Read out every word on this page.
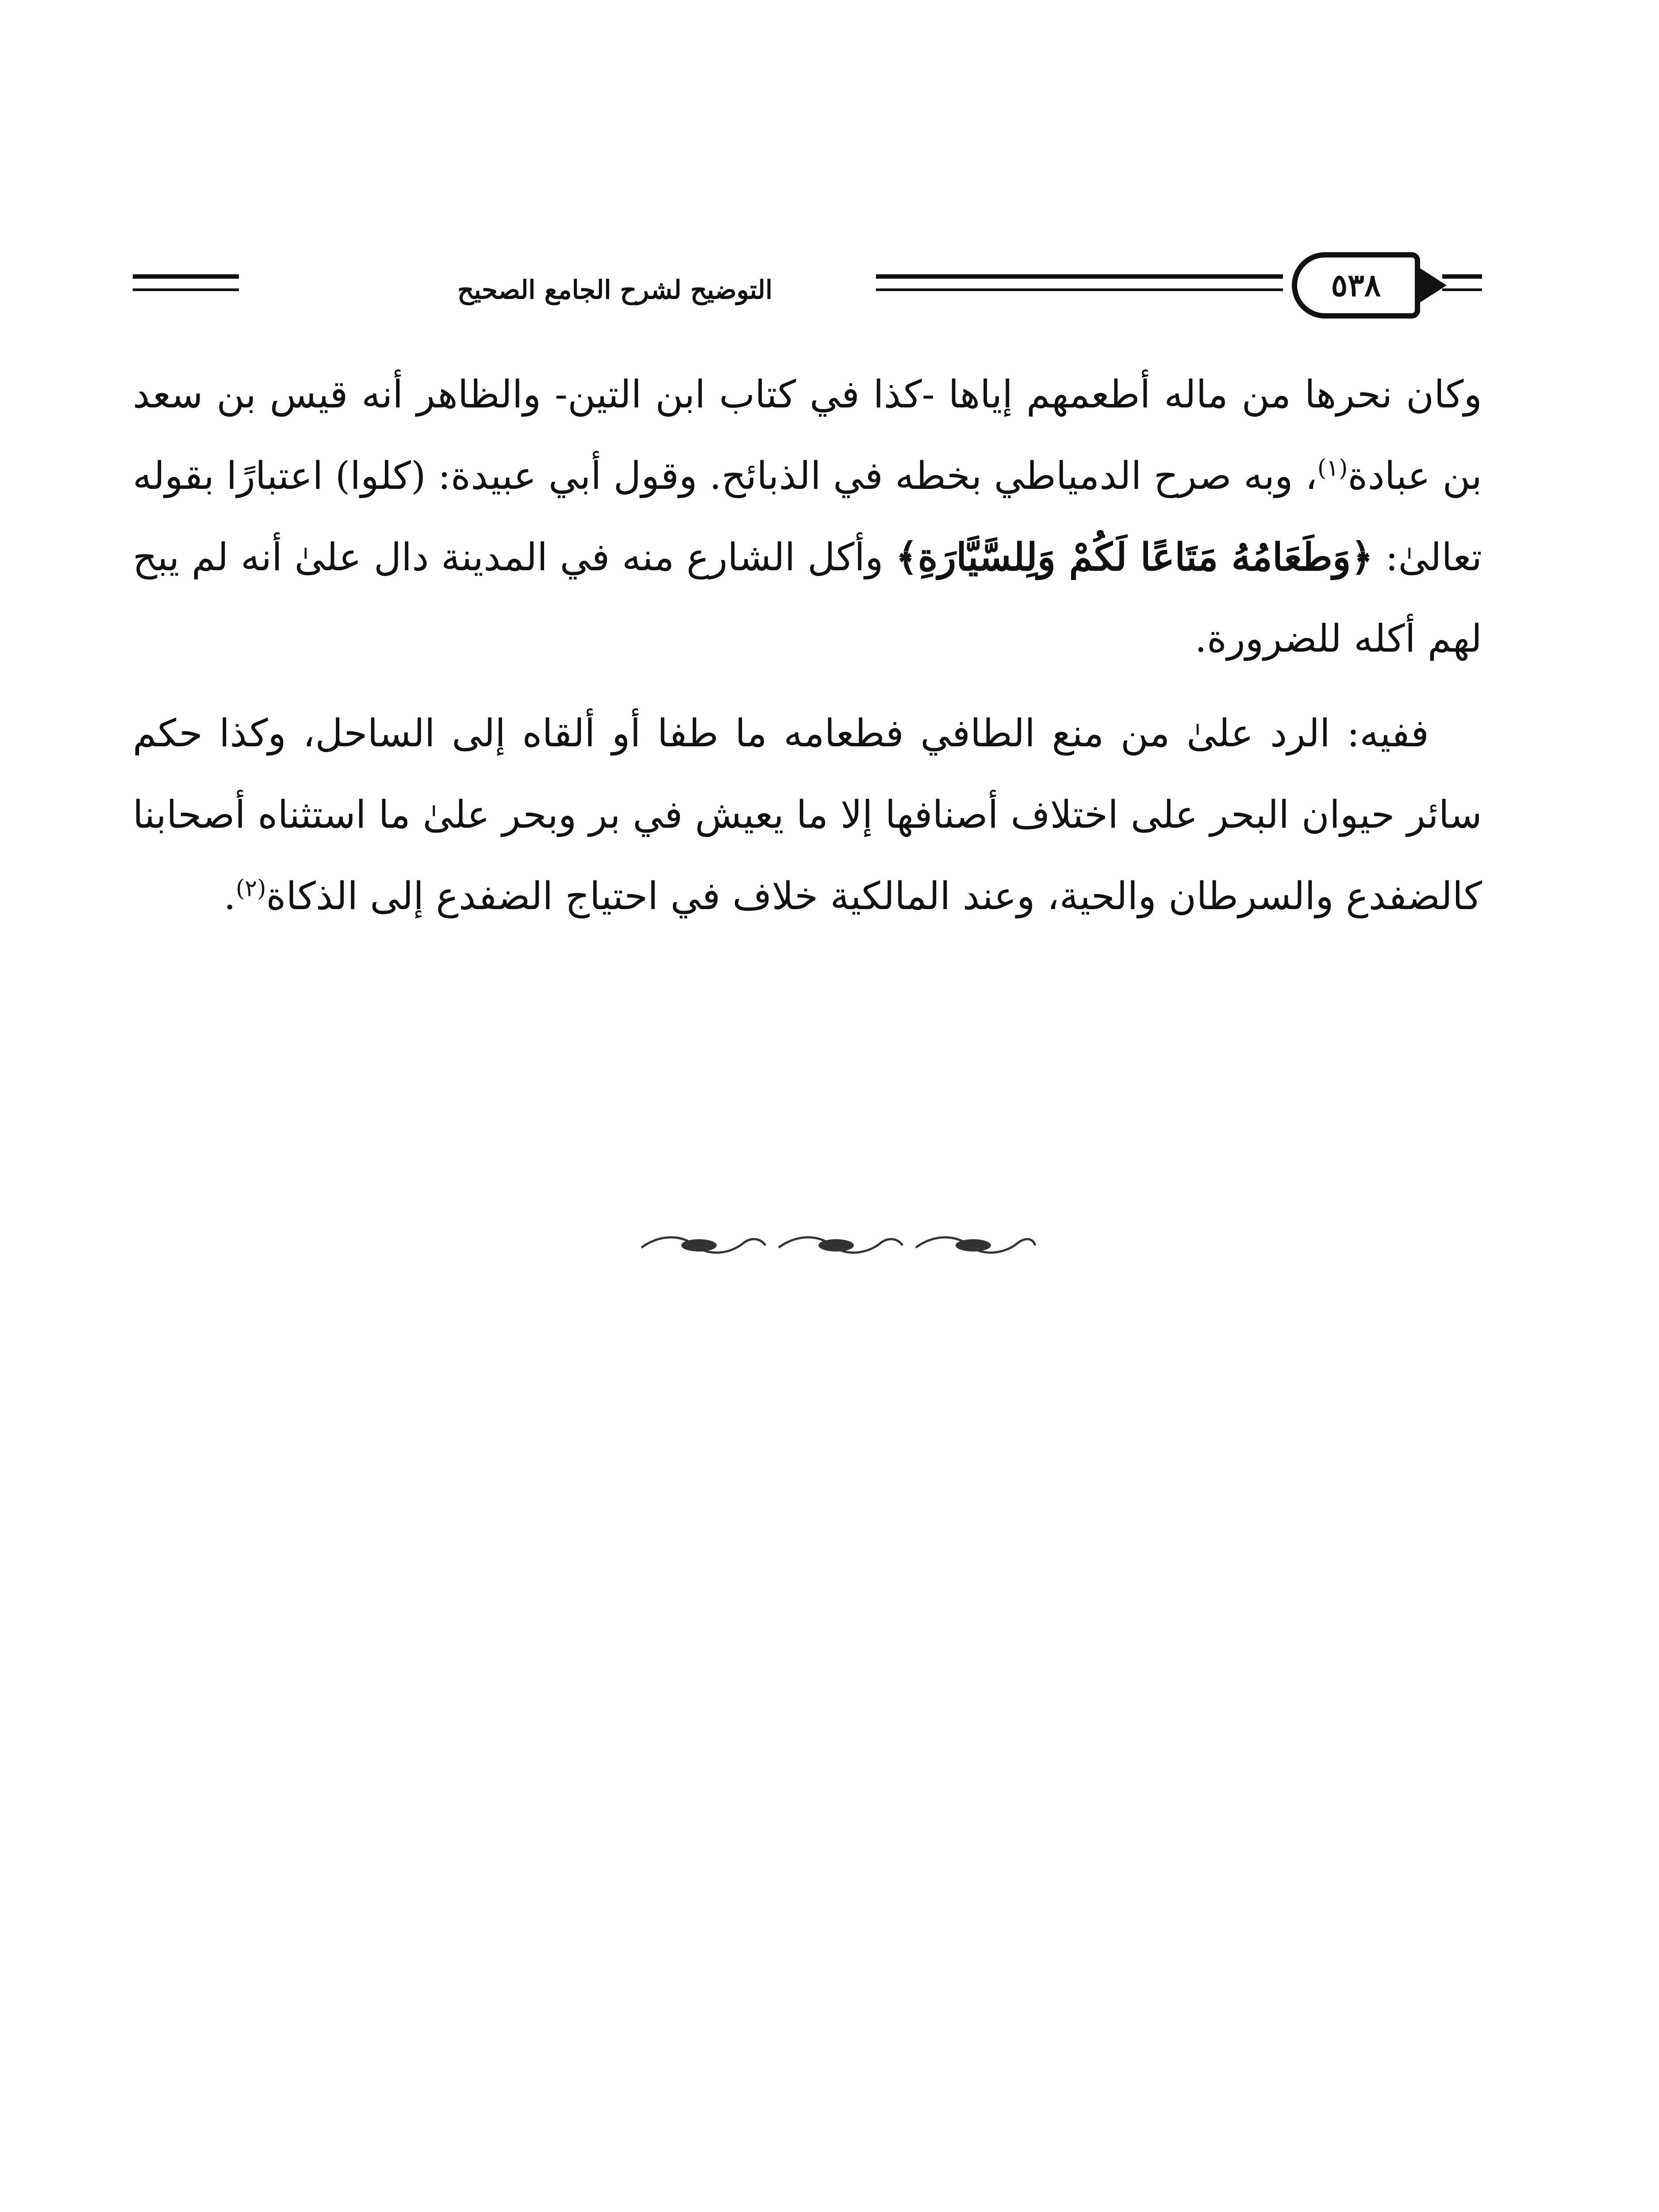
التوضيح لشرح الجامع الصحيح	٥٣٨

وكان نحرها من ماله أطعمهم إياها -كذا في كتاب ابن التين- والظاهر أنه قيس بن سعد بن عبادة$^{(١)}$، وبه صرح الدمياطي بخطه في الذبائح. وقول أبي عبيدة: (كلوا) اعتبارًا بقوله تعالىٰ: ﴿وَطَعَامُهُ مَتَاعًا لَكُمْ وَلِلسَّيَّارَةِ﴾ وأكل الشارع منه في المدينة دال علىٰ أنه لم يبح لهم أكله للضرورة.

ففيه: الرد علىٰ من منع الطافي فطعامه ما طفا أو ألقاه إلى الساحل، وكذا حكم سائر حيوان البحر على اختلاف أصنافها إلا ما يعيش في بر وبحر علىٰ ما استثناه أصحابنا كالضفدع والسرطان والحية، وعند المالكية خلاف في احتياج الضفدع إلى الذكاة$^{(٢)}$.
